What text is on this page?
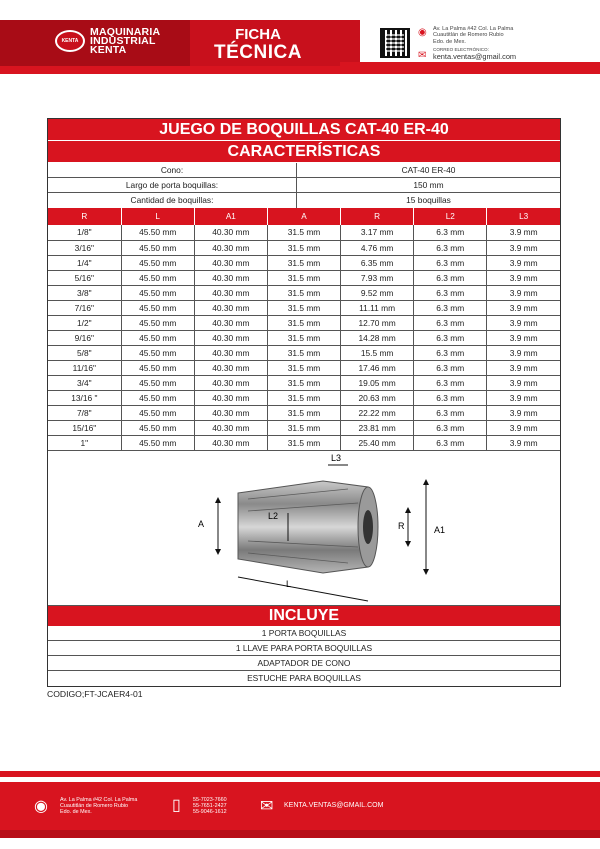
KENTA
MAQUINARIA
INDUSTRIAL
KENTA
FICHA
TÉCNICA
◉ Av. La Palma #42 Col. La Palma
Cuautitlán de Romero Rubio
Edo. de Mex.
✉
CORREO ELECTRÓNICO:
kenta.ventas@gmail.com
JUEGO DE BOQUILLAS CAT-40 ER-40
CARACTERÍSTICAS
Cono:	CAT-40 ER-40
Largo de porta boquillas:	150 mm
Cantidad de boquillas:	15 boquillas
R	L	A1	A	R	L2	L3
1/8"	45.50 mm	40.30 mm	31.5 mm	3.17 mm	6.3 mm	3.9 mm
3/16"	45.50 mm	40.30 mm	31.5 mm	4.76 mm	6.3 mm	3.9 mm
1/4"	45.50 mm	40.30 mm	31.5 mm	6.35 mm	6.3 mm	3.9 mm
5/16"	45.50 mm	40.30 mm	31.5 mm	7.93 mm	6.3 mm	3.9 mm
3/8"	45.50 mm	40.30 mm	31.5 mm	9.52 mm	6.3 mm	3.9 mm
7/16"	45.50 mm	40.30 mm	31.5 mm	11.11 mm	6.3 mm	3.9 mm
1/2"	45.50 mm	40.30 mm	31.5 mm	12.70 mm	6.3 mm	3.9 mm
9/16"	45.50 mm	40.30 mm	31.5 mm	14.28 mm	6.3 mm	3.9 mm
5/8"	45.50 mm	40.30 mm	31.5 mm	15.5 mm	6.3 mm	3.9 mm
11/16"	45.50 mm	40.30 mm	31.5 mm	17.46 mm	6.3 mm	3.9 mm
3/4"	45.50 mm	40.30 mm	31.5 mm	19.05 mm	6.3 mm	3.9 mm
13/16 "	45.50 mm	40.30 mm	31.5 mm	20.63 mm	6.3 mm	3.9 mm
7/8"	45.50 mm	40.30 mm	31.5 mm	22.22 mm	6.3 mm	3.9 mm
15/16"	45.50 mm	40.30 mm	31.5 mm	23.81 mm	6.3 mm	3.9 mm
1"	45.50 mm	40.30 mm	31.5 mm	25.40 mm	6.3 mm	3.9 mm
A	R	A1
L
L3
L2
INCLUYE
1 PORTA BOQUILLAS
1 LLAVE PARA PORTA BOQUILLAS
ADAPTADOR DE CONO
ESTUCHE PARA BOQUILLAS
CODIGO;FT-JCAER4-01
◉ Av. La Palma #42 Col. La Palma
Cuautitlán de Romero Rubio
Edo. de Mex.	▯ 55-7023-7660
55-7651-2427
55-9046-1612 ✉ KENTA.VENTAS@GMAIL.COM
